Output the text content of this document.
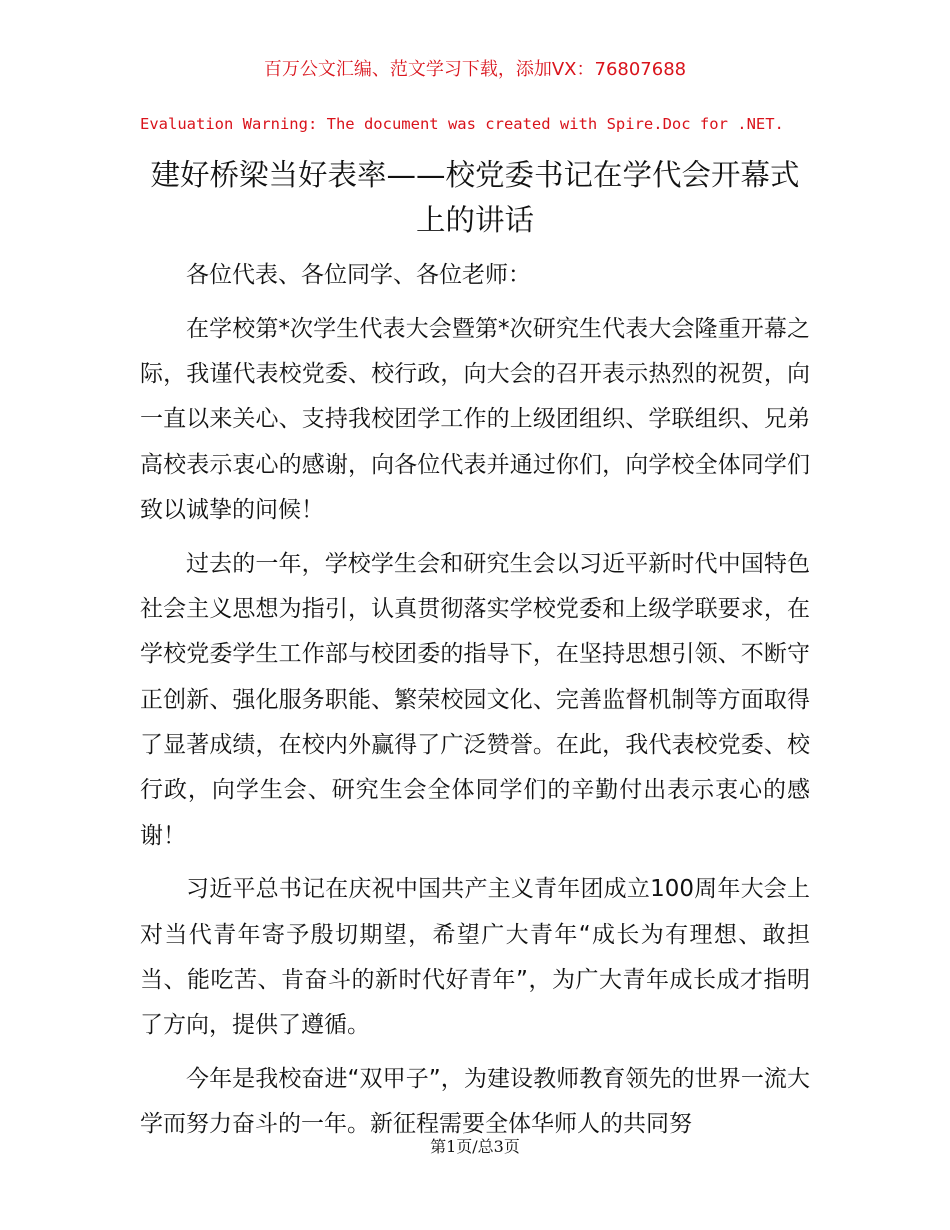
百万公文汇编、范文学习下载，添加VX：76807688
Evaluation Warning: The document was created with Spire.Doc for .NET.
建好桥梁当好表率——校党委书记在学代会开幕式上的讲话

各位代表、各位同学、各位老师：

在学校第*次学生代表大会暨第*次研究生代表大会隆重开幕之际，我谨代表校党委、校行政，向大会的召开表示热烈的祝贺，向一直以来关心、支持我校团学工作的上级团组织、学联组织、兄弟高校表示衷心的感谢，向各位代表并通过你们，向学校全体同学们致以诚挚的问候！

过去的一年，学校学生会和研究生会以习近平新时代中国特色社会主义思想为指引，认真贯彻落实学校党委和上级学联要求，在学校党委学生工作部与校团委的指导下，在坚持思想引领、不断守正创新、强化服务职能、繁荣校园文化、完善监督机制等方面取得了显著成绩，在校内外赢得了广泛赞誉。在此，我代表校党委、校行政，向学生会、研究生会全体同学们的辛勤付出表示衷心的感谢！

习近平总书记在庆祝中国共产主义青年团成立100周年大会上对当代青年寄予殷切期望，希望广大青年“成长为有理想、敢担当、能吃苦、肯奋斗的新时代好青年”，为广大青年成长成才指明了方向，提供了遵循。

今年是我校奋进“双甲子”，为建设教师教育领先的世界一流大学而努力奋斗的一年。新征程需要全体华师人的共同努

第1页/总3页
